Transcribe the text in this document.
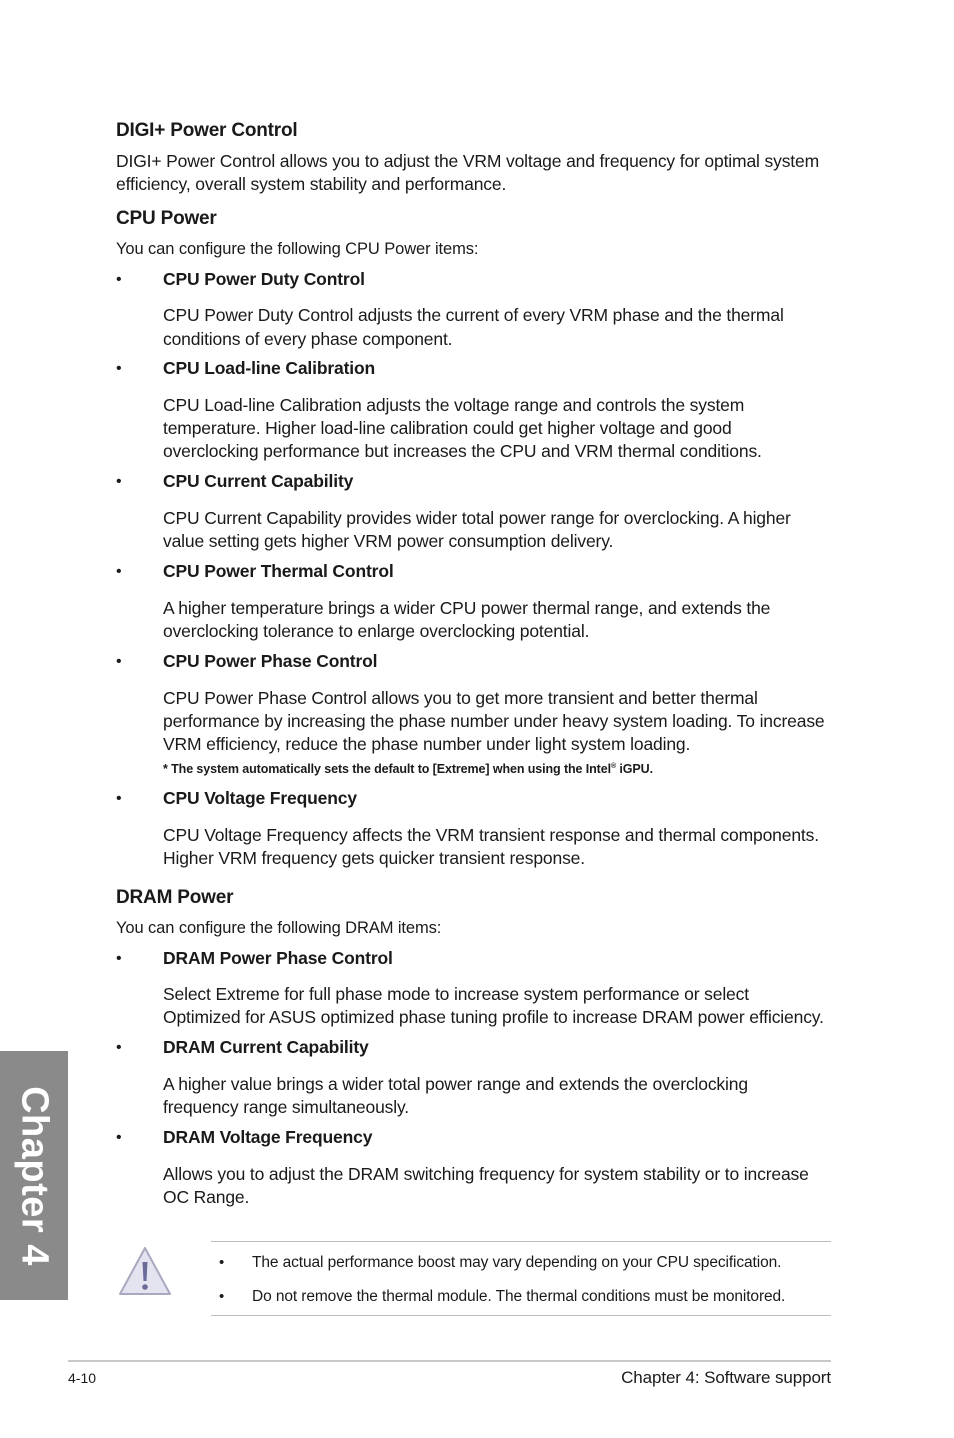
DIGI+ Power Control
DIGI+ Power Control allows you to adjust the VRM voltage and frequency for optimal system
efficiency, overall system stability and performance.
CPU Power
You can configure the following CPU Power items:
• CPU Power Duty Control
CPU Power Duty Control adjusts the current of every VRM phase and the thermal
conditions of every phase component.
• CPU Load-line Calibration
CPU Load-line Calibration adjusts the voltage range and controls the system
temperature. Higher load-line calibration could get higher voltage and good
overclocking performance but increases the CPU and VRM thermal conditions.
• CPU Current Capability
CPU Current Capability provides wider total power range for overclocking. A higher
value setting gets higher VRM power consumption delivery.
• CPU Power Thermal Control
A higher temperature brings a wider CPU power thermal range, and extends the
overclocking tolerance to enlarge overclocking potential.
• CPU Power Phase Control
CPU Power Phase Control allows you to get more transient and better thermal
performance by increasing the phase number under heavy system loading. To increase
VRM efficiency, reduce the phase number under light system loading.
* The system automatically sets the default to [Extreme] when using the Intel® iGPU.
• CPU Voltage Frequency
CPU Voltage Frequency affects the VRM transient response and thermal components.
Higher VRM frequency gets quicker transient response.
DRAM Power
You can configure the following DRAM items:
• DRAM Power Phase Control
Select Extreme for full phase mode to increase system performance or select
Optimized for ASUS optimized phase tuning profile to increase DRAM power efficiency.
• DRAM Current Capability
A higher value brings a wider total power range and extends the overclocking
frequency range simultaneously.
• DRAM Voltage Frequency
Allows you to adjust the DRAM switching frequency for system stability or to increase
OC Range.
• The actual performance boost may vary depending on your CPU specification.
• Do not remove the thermal module. The thermal conditions must be monitored.
Chapter 4
4-10	Chapter 4: Software support
